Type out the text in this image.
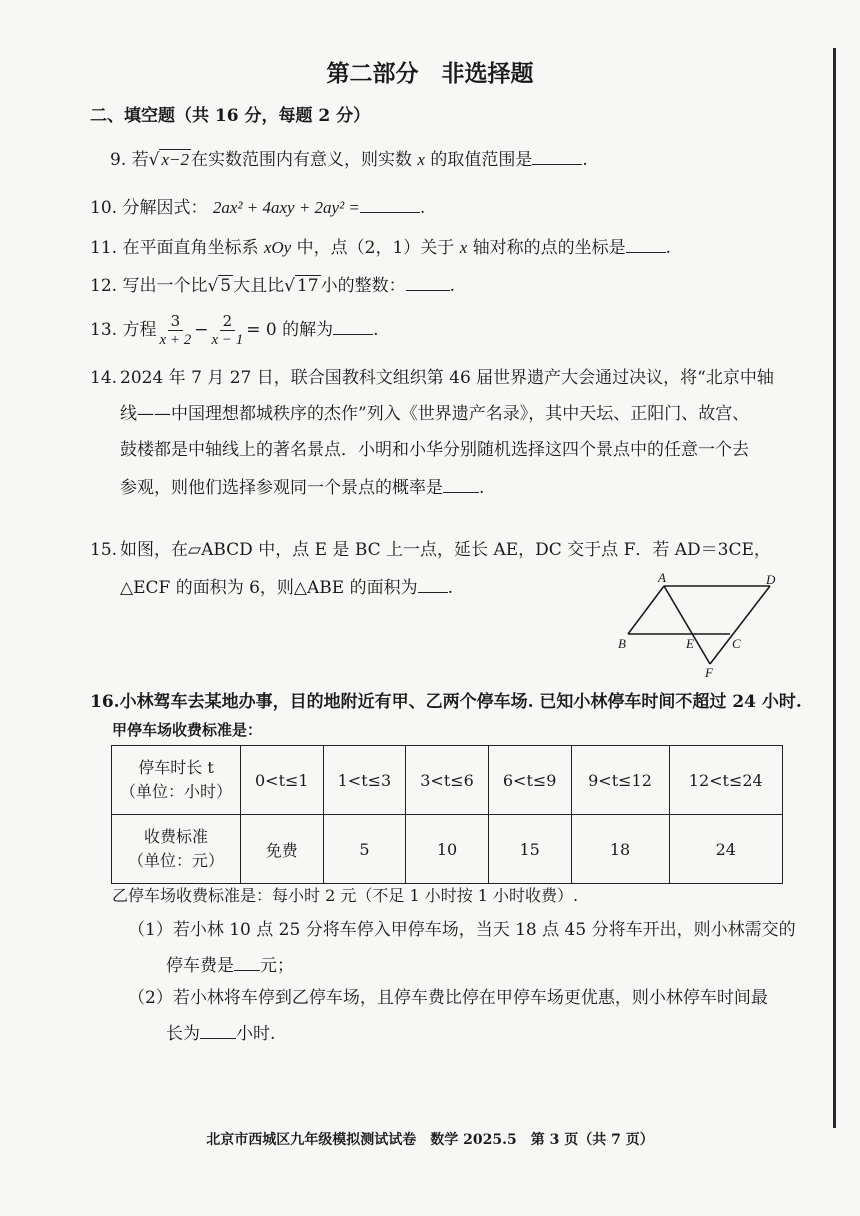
第二部分　非选择题
二、填空题（共 16 分，每题 2 分）
9. 若√ x−2 在实数范围内有意义，则实数 x 的取值范围是	.
10. 分解因式： 2ax² + 4axy + 2ay² =	.
11. 在平面直角坐标系 xOy 中，点（2，1）关于 x 轴对称的点的坐标是 .
12. 写出一个比√ 5 大且比√ 17 小的整数：	.
13. 方程 $\frac{3}{x + 2} - \frac{2}{x - 1} = 0$ 的解为 .
14. 2024 年 7 月 27 日，联合国教科文组织第 46 届世界遗产大会通过决议，将“北京中轴
线——中国理想都城秩序的杰作”列入《世界遗产名录》，其中天坛、正阳门、故宫、
鼓楼都是中轴线上的著名景点．小明和小华分别随机选择这四个景点中的任意一个去
参观，则他们选择参观同一个景点的概率是 .
15. 如图，在▱ABCD 中，点 E 是 BC 上一点，延长 AE，DC 交于点 F．若 AD＝3CE，
△ECF 的面积为 6，则△ABE 的面积为 .
A	D
B	E	C
F
16.小林驾车去某地办事，目的地附近有甲、乙两个停车场. 已知小林停车时间不超过 24 小时.
甲停车场收费标准是：
停车时长 t
（单位：小时）	0<t≤1	1<t≤3	3<t≤6	6<t≤9	9<t≤12	12<t≤24

收费标准
（单位：元）	免费	5	10	15	18	24
乙停车场收费标准是：每小时 2 元（不足 1 小时按 1 小时收费）.
（1）若小林 10 点 25 分将车停入甲停车场，当天 18 点 45 分将车开出，则小林需交的
停车费是 元；
（2）若小林将车停到乙停车场，且停车费比停在甲停车场更优惠，则小林停车时间最
长为 小时.
北京市西城区九年级模拟测试试卷　数学 2025.5　第 3 页（共 7 页）
